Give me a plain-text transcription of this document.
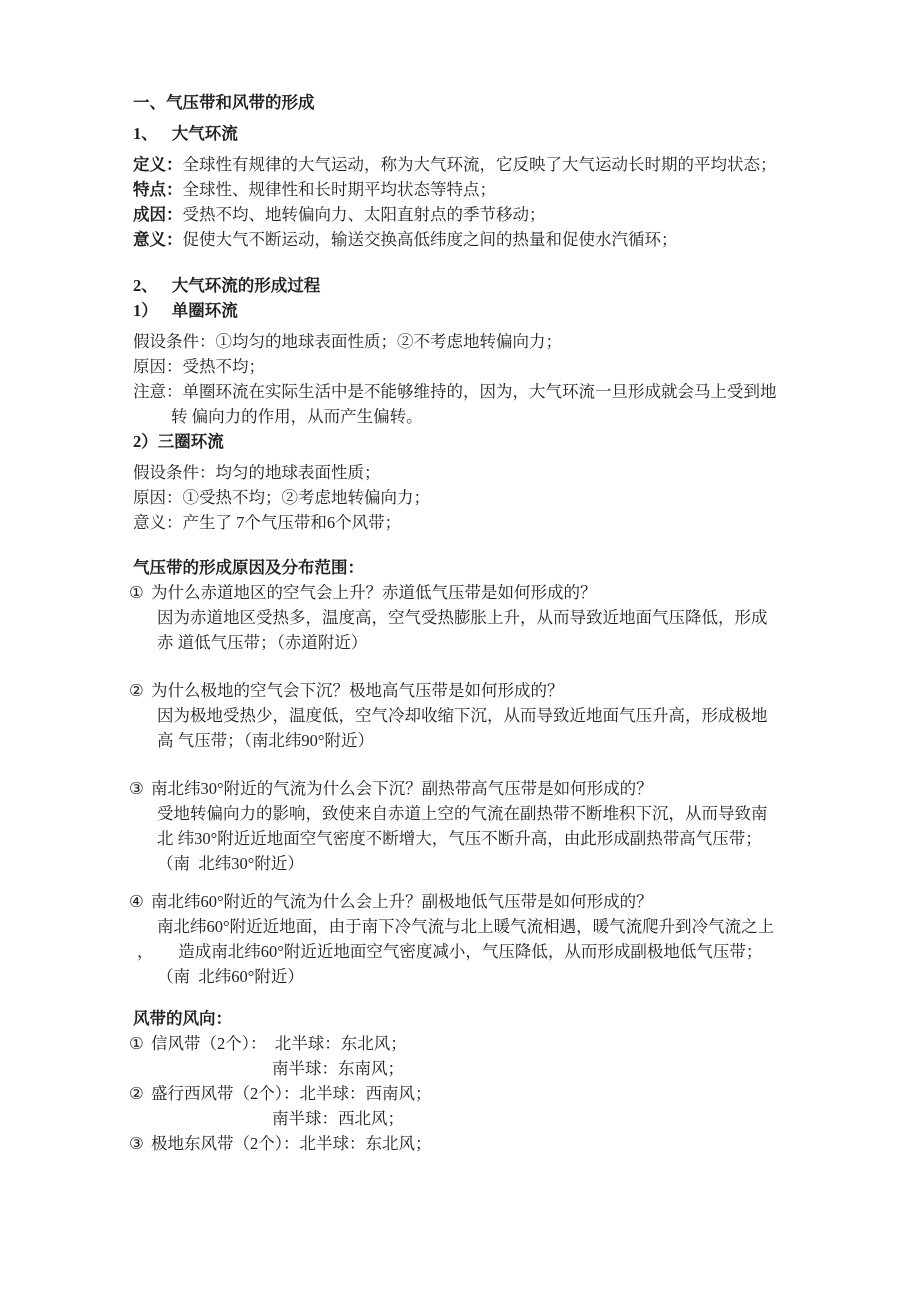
一、气压带和风带的形成
1、 大气环流
定义：全球性有规律的大气运动，称为大气环流，它反映了大气运动长时期的平均状态；
特点：全球性、规律性和长时期平均状态等特点；
成因：受热不均、地转偏向力、太阳直射点的季节移动；
意义：促使大气不断运动，输送交换高低纬度之间的热量和促使水汽循环；
2、 大气环流的形成过程
1） 单圈环流
假设条件：①均匀的地球表面性质；②不考虑地转偏向力；
原因：受热不均；
注意：单圈环流在实际生活中是不能够维持的，因为，大气环流一旦形成就会马上受到地
转 偏向力的作用，从而产生偏转。
2）三圈环流
假设条件：均匀的地球表面性质；
原因：①受热不均；②考虑地转偏向力；
意义：产生了 7个气压带和6个风带；
气压带的形成原因及分布范围：
① 为什么赤道地区的空气会上升？赤道低气压带是如何形成的？
因为赤道地区受热多，温度高，空气受热膨胀上升，从而导致近地面气压降低，形成
赤 道低气压带；（赤道附近）
② 为什么极地的空气会下沉？极地高气压带是如何形成的？
因为极地受热少，温度低，空气冷却收缩下沉，从而导致近地面气压升高，形成极地
高 气压带；（南北纬90°附近）
③ 南北纬30°附近的气流为什么会下沉？副热带高气压带是如何形成的？
受地转偏向力的影响，致使来自赤道上空的气流在副热带不断堆积下沉，从而导致南
北 纬30°附近近地面空气密度不断增大，气压不断升高，由此形成副热带高气压带；
（南  北纬30°附近）
④ 南北纬60°附近的气流为什么会上升？副极地低气压带是如何形成的？
南北纬60°附近近地面，由于南下冷气流与北上暖气流相遇，暖气流爬升到冷气流之上
，　　造成南北纬60°附近近地面空气密度减小，气压降低，从而形成副极地低气压带；
（南  北纬60°附近）
风带的风向：
① 信风带（2个）：　北半球：东北风；
南半球：东南风；
② 盛行西风带（2个）：北半球：西南风；
南半球：西北风；
③ 极地东风带（2个）：北半球：东北风；
